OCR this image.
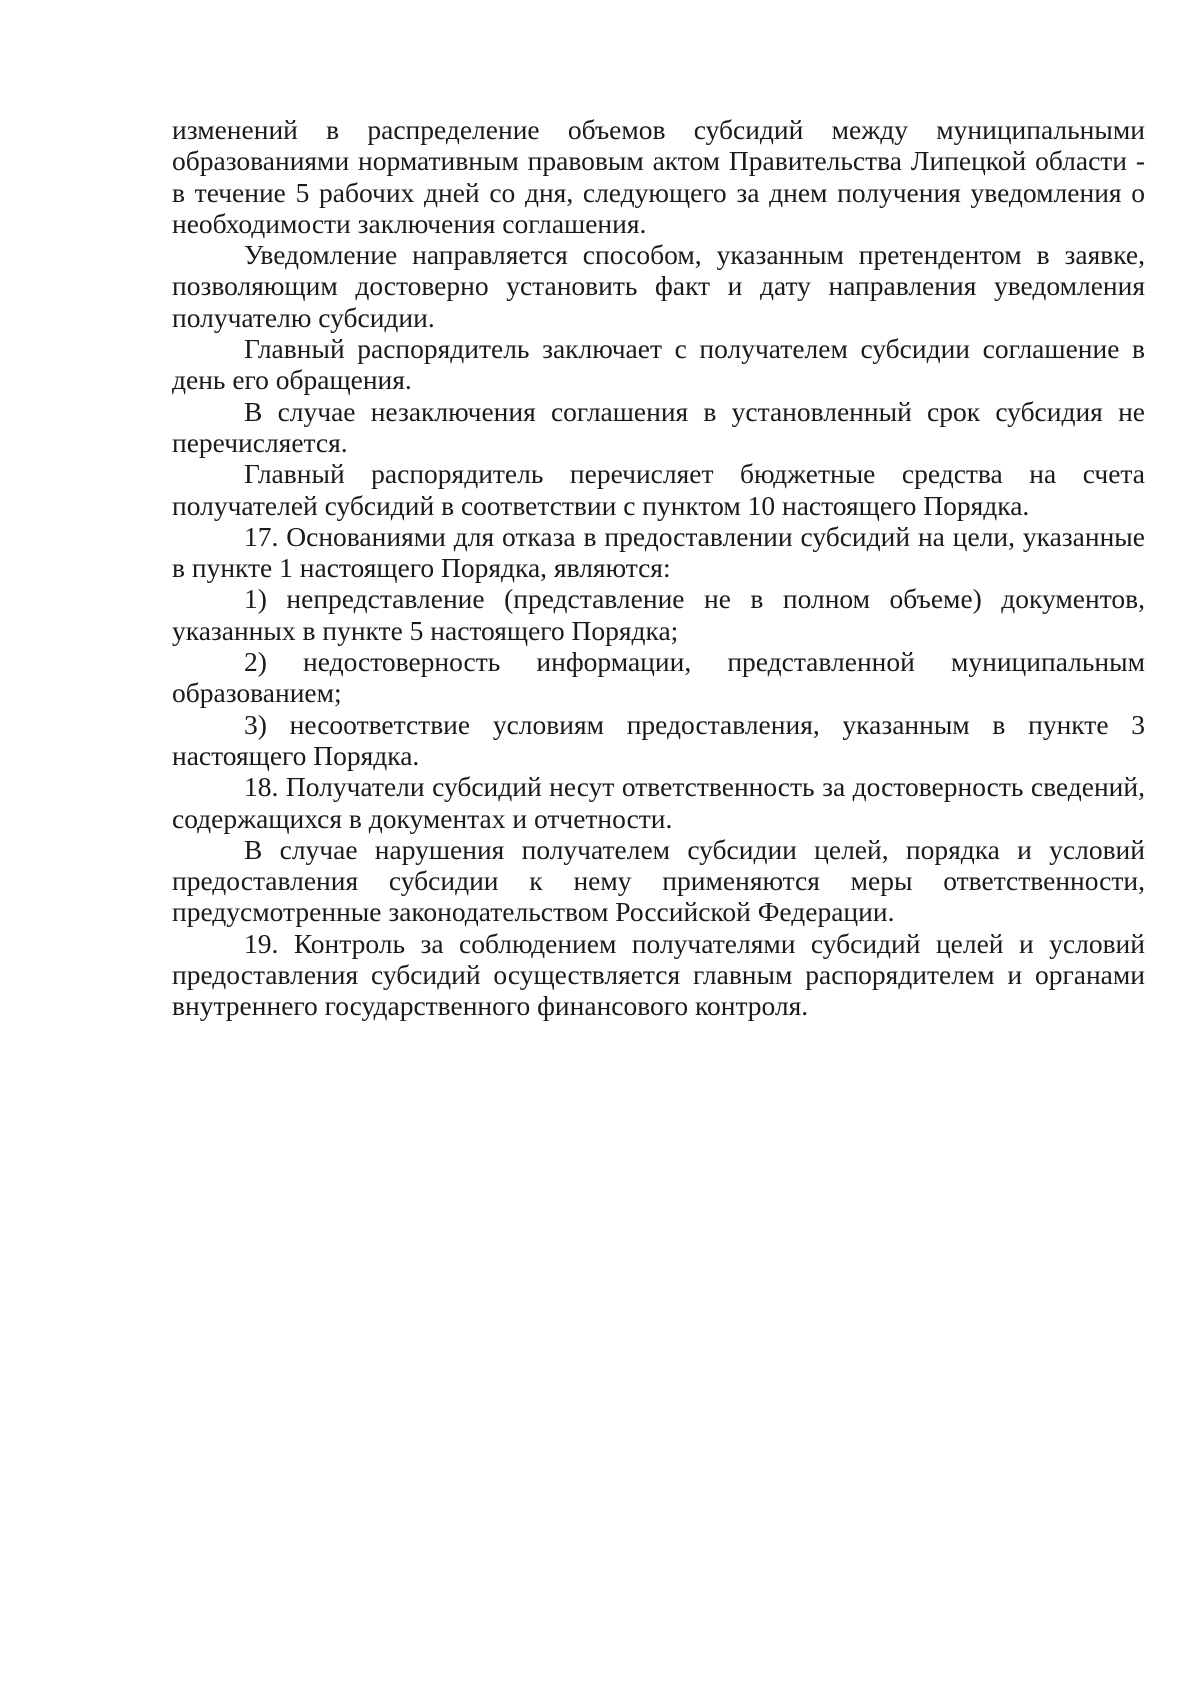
изменений в распределение объемов субсидий между муниципальными образованиями нормативным правовым актом Правительства Липецкой области - в течение 5 рабочих дней со дня, следующего за днем получения уведомления о необходимости заключения соглашения.

Уведомление направляется способом, указанным претендентом в заявке, позволяющим достоверно установить факт и дату направления уведомления получателю субсидии.

Главный распорядитель заключает с получателем субсидии соглашение в день его обращения.

В случае незаключения соглашения в установленный срок субсидия не перечисляется.

Главный распорядитель перечисляет бюджетные средства на счета получателей субсидий в соответствии с пунктом 10 настоящего Порядка.

17. Основаниями для отказа в предоставлении субсидий на цели, указанные в пункте 1 настоящего Порядка, являются:

1) непредставление (представление не в полном объеме) документов, указанных в пункте 5 настоящего Порядка;

2) недостоверность информации, представленной муниципальным образованием;

3) несоответствие условиям предоставления, указанным в пункте 3 настоящего Порядка.

18. Получатели субсидий несут ответственность за достоверность сведений, содержащихся в документах и отчетности.

В случае нарушения получателем субсидии целей, порядка и условий предоставления субсидии к нему применяются меры ответственности, предусмотренные законодательством Российской Федерации.

19. Контроль за соблюдением получателями субсидий целей и условий предоставления субсидий осуществляется главным распорядителем и органами внутреннего государственного финансового контроля.
